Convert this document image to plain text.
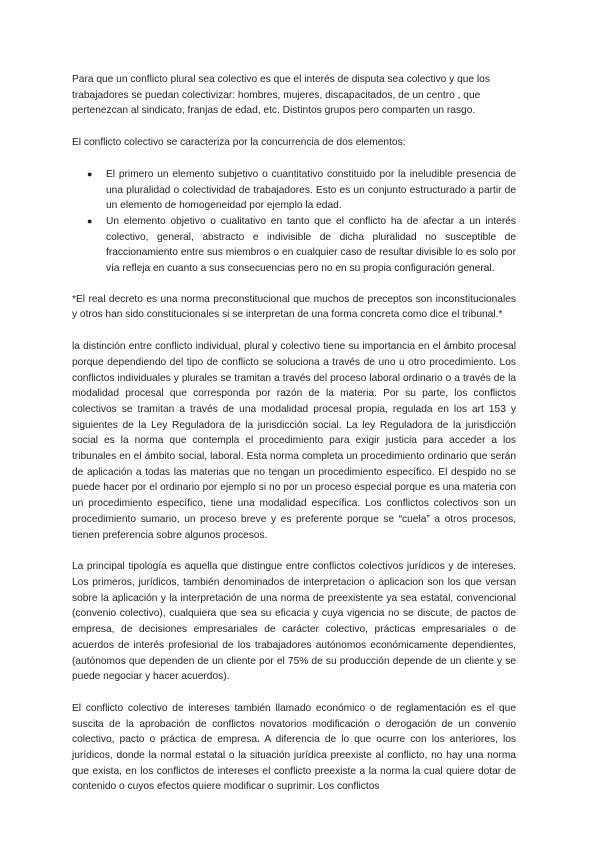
Para que un conflicto plural sea colectivo es que el interés de disputa sea colectivo y que los trabajadores se puedan colectivizar: hombres, mujeres, discapacitados, de un centro , que pertenezcan al sindicato, franjas de edad, etc. Distintos grupos pero comparten un rasgo.

El conflicto colectivo se caracteriza por la concurrencia de dos elementos:

● El primero un elemento subjetivo o cuantitativo constituido por la ineludible presencia de una pluralidad o colectividad de trabajadores. Esto es un conjunto estructurado a partir de un elemento de homogeneidad por ejemplo la edad.
● Un elemento objetivo o cualitativo en tanto que el conflicto ha de afectar a un interés colectivo, general, abstracto e indivisible de dicha pluralidad no susceptible de fraccionamiento entre sus miembros o en cualquier caso de resultar divisible lo es solo por vía refleja en cuanto a sus consecuencias pero no en su propia configuración general.

*El real decreto es una norma preconstitucional que muchos de preceptos son inconstitucionales y otros han sido constitucionales si se interpretan de una forma concreta como dice el tribunal.*

la distinción entre conflicto individual, plural y colectivo tiene su importancia en el ámbito procesal porque dependiendo del tipo de conflicto se soluciona a través de uno u otro procedimiento. Los conflictos individuales y plurales se tramitan a través del proceso laboral ordinario o a través de la modalidad procesal que corresponda por razón de la materia. Por su parte, los conflictos colectivos se tramitan a través de una modalidad procesal propia, regulada en los art 153 y siguientes de la Ley Reguladora de la jurisdicción social. La ley Reguladora de la jurisdicción social es la norma que contempla el procedimiento para exigir justicia para acceder a los tribunales en el ámbito social, laboral. Esta norma completa un procedimiento ordinario que serán de aplicación a todas las materias que no tengan un procedimiento específico. El despido no se puede hacer por el ordinario por ejemplo si no por un proceso especial porque es una materia con un procedimiento específico, tiene una modalidad específica. Los conflictos colectivos son un procedimiento sumario, un proceso breve y es preferente porque se “cuela” a otros procesos, tienen preferencia sobre algunos procesos.

La principal tipología es aquella que distingue entre conflictos colectivos jurídicos y de intereses. Los primeros, jurídicos, también denominados de interpretacion o aplicacion son los que versan sobre la aplicación y la interpretación de una norma de preexistente ya sea estatal, convencional (convenio colectivo), cualquiera que sea su eficacia y cuya vigencia no se discute, de pactos de empresa, de decisiones empresariales de carácter colectivo, prácticas empresariales o de acuerdos de interés profesional de los trabajadores autónomos económicamente dependientes, (autónomos que dependen de un cliente por el 75% de su producción depende de un cliente y se puede negociar y hacer acuerdos).

El conflicto colectivo de intereses también llamado económico o de reglamentación es el que suscita de la aprobación de conflictos novatorios modificación o derogación de un convenio colectivo, pacto o práctica de empresa. A diferencia de lo que ocurre con los anteriores, los jurídicos, donde la normal estatal o la situación jurídica preexiste al conflicto, no hay una norma que exista, en los conflictos de intereses el conflicto preexiste a la norma la cual quiere dotar de contenido o cuyos efectos quiere modificar o suprimir. Los conflictos
